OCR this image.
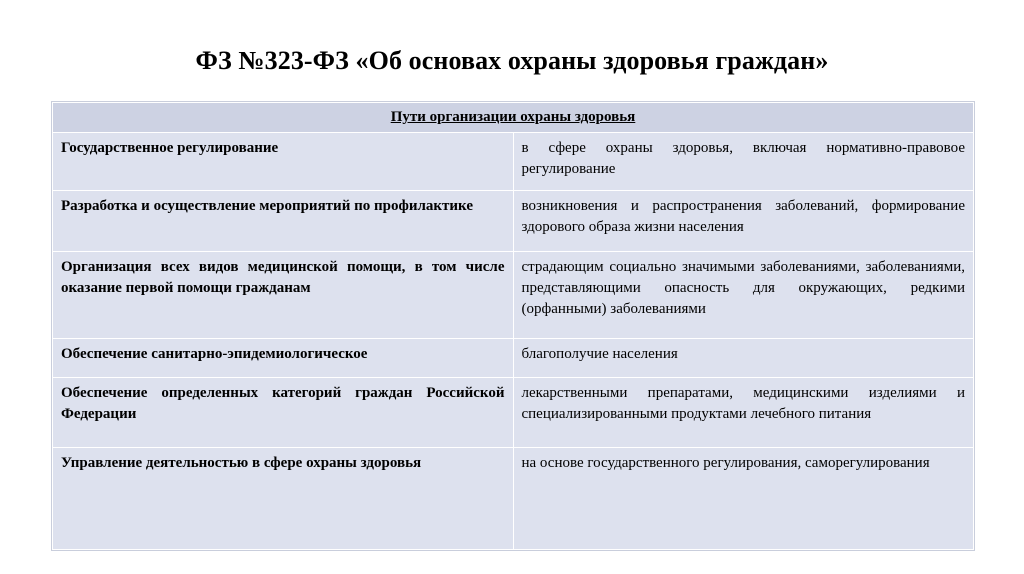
ФЗ №323-ФЗ «Об основах охраны здоровья граждан»
Пути организации охраны здоровья	
Государственное регулирование	в сфере охраны здоровья, включая нормативно-правовое регулирование
Разработка и осуществление мероприятий по профилактике	возникновения и распространения заболеваний, формирование здорового образа жизни населения
Организация всех видов медицинской помощи, в том числе оказание первой помощи гражданам	страдающим социально значимыми заболеваниями, заболеваниями, представляющими опасность для окружающих, редкими (орфанными) заболеваниями
Обеспечение санитарно-эпидемиологическое	благополучие населения
Обеспечение определенных категорий граждан Российской Федерации	лекарственными препаратами, медицинскими изделиями и специализированными продуктами лечебного питания
Управление деятельностью в сфере охраны здоровья	на основе государственного регулирования, саморегулирования
